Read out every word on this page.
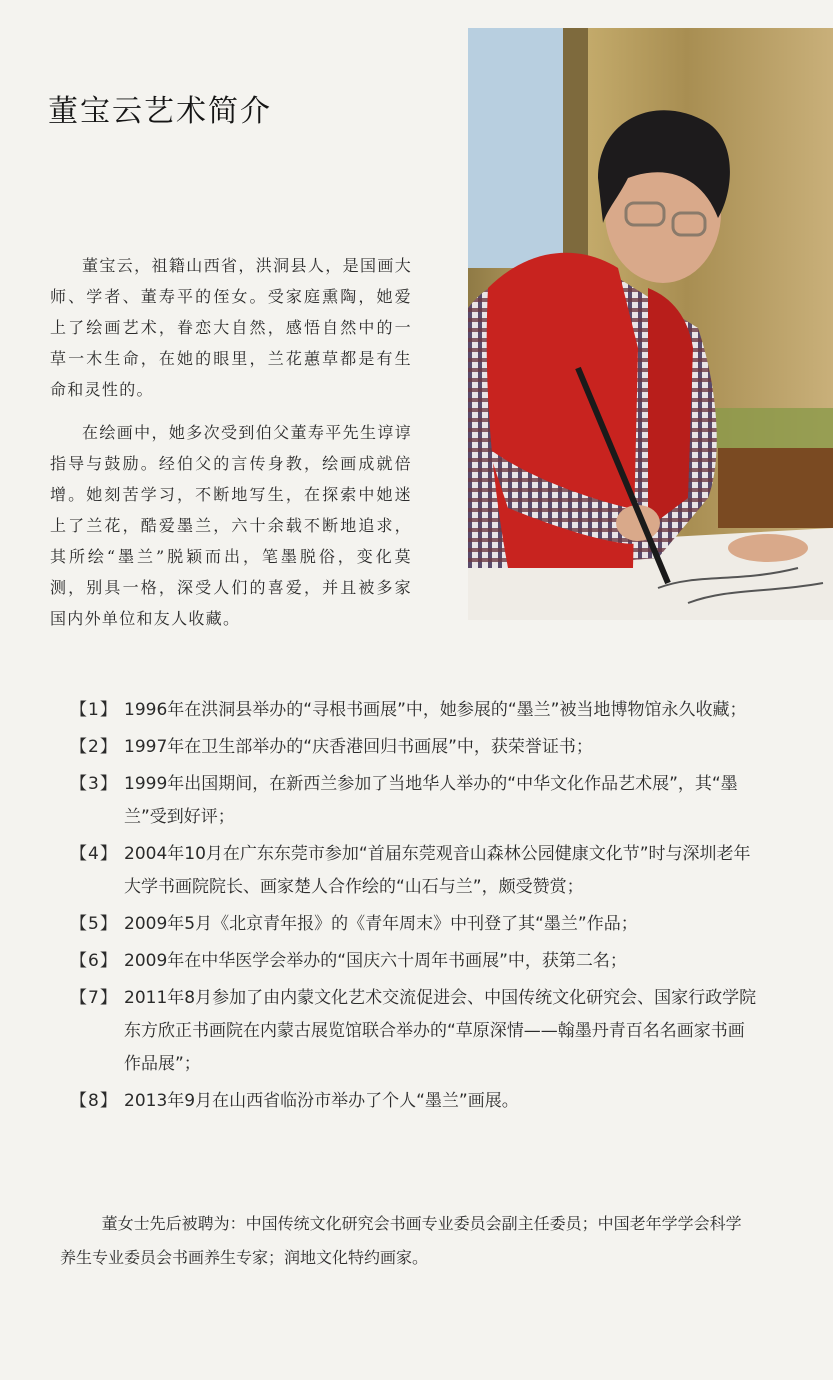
董宝云艺术简介

董宝云，祖籍山西省，洪洞县人，是国画大师、学者、董寿平的侄女。受家庭熏陶，她爱上了绘画艺术，眷恋大自然，感悟自然中的一草一木生命，在她的眼里，兰花蕙草都是有生命和灵性的。

在绘画中，她多次受到伯父董寿平先生谆谆指导与鼓励。经伯父的言传身教，绘画成就倍增。她刻苦学习，不断地写生，在探索中她迷上了兰花，酷爱墨兰，六十余载不断地追求，其所绘“墨兰”脱颖而出，笔墨脱俗，变化莫测，别具一格，深受人们的喜爱，并且被多家国内外单位和友人收藏。

【1】 1996年在洪洞县举办的“寻根书画展”中，她参展的“墨兰”被当地博物馆永久收藏；
【2】 1997年在卫生部举办的“庆香港回归书画展”中，获荣誉证书；
【3】 1999年出国期间，在新西兰参加了当地华人举办的“中华文化作品艺术展”，其“墨兰”受到好评；
【4】 2004年10月在广东东莞市参加“首届东莞观音山森林公园健康文化节”时与深圳老年大学书画院院长、画家楚人合作绘的“山石与兰”，颇受赞赏；
【5】 2009年5月《北京青年报》的《青年周末》中刊登了其“墨兰”作品；
【6】 2009年在中华医学会举办的“国庆六十周年书画展”中，获第二名；
【7】 2011年8月参加了由内蒙文化艺术交流促进会、中国传统文化研究会、国家行政学院东方欣正书画院在内蒙古展览馆联合举办的“草原深情——翰墨丹青百名名画家书画作品展”；
【8】 2013年9月在山西省临汾市举办了个人“墨兰”画展。

董女士先后被聘为：中国传统文化研究会书画专业委员会副主任委员；中国老年学学会科学养生专业委员会书画养生专家；润地文化特约画家。
